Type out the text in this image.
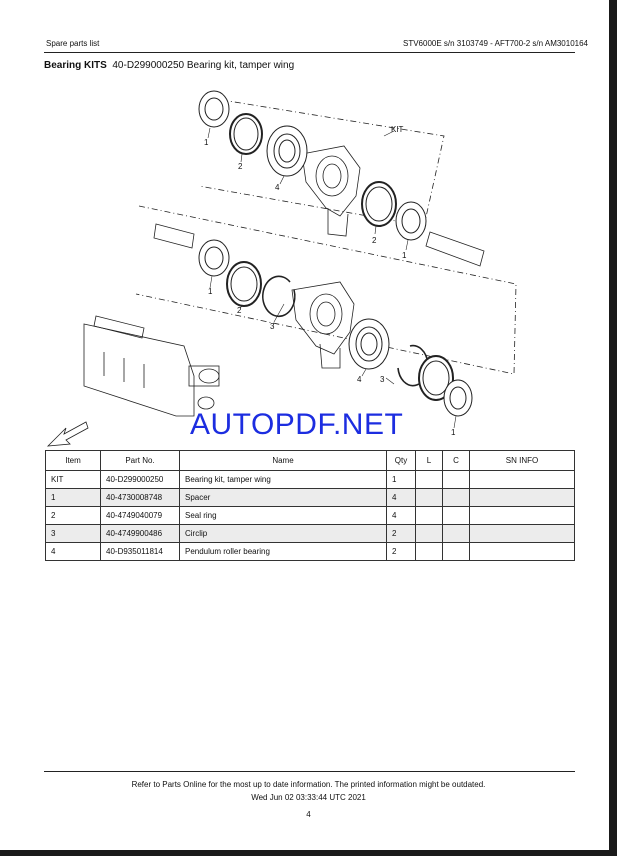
Spare parts list	STV6000E s/n 3103749 - AFT700-2 s/n AM3010164
Bearing KITS 40-D299000250 Bearing kit, tamper wing
KIT
1
2
4
2
1
1
2
3
3
4
1
AUTOPDF.NET
Item	Part No.	Name	Qty	L	C	SN INFO
KIT	40-D299000250	Bearing kit, tamper wing	1			
1	40-4730008748	Spacer	4			
2	40-4749040079	Seal ring	4			
3	40-4749900486	Circlip	2			
4	40-D935011814	Pendulum roller bearing	2			
Refer to Parts Online for the most up to date information. The printed information might be outdated.
Wed Jun 02 03:33:44 UTC 2021
4
